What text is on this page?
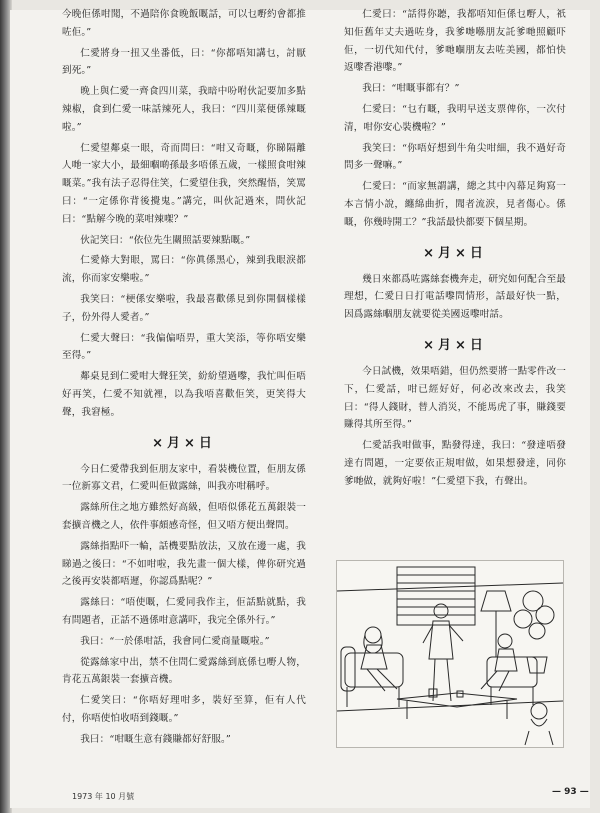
今晚佢係咁聞，不過陪你食晚飯嘅話，可以乜嘢約會都推咗佢。”

仁愛將身一扭又坐番低，曰：“你都唔知講乜，討厭到死。”

晚上與仁愛一齊食四川菜，我暗中吩咐伙記要加多點辣椒，食到仁愛一味話辣死人，我曰：“四川菜便係辣嘅啦。”

仁愛望鄰桌一眼，奇而問曰：“咁又奇嘅，你睇隔離人哋一家大小，最細嗰啲孫最多唔係五歲，一樣照食咁辣嘅菜。”我有法子忍得住笑，仁愛望住我，突然醒悟，笑罵曰：“一定係你背後攪鬼。”講完，叫伙記過來，問伙記曰：“點解今晚的菜咁辣㗎？”

伙記笑曰：“依位先生關照話要辣點嘅。”

仁愛條大對眼，罵曰：“你眞係黑心，辣到我眼淚都流，你而家安樂啦。”

我笑曰：“梗係安樂啦，我最喜歡係見到你開個樣樣子，份外得人愛者。”

仁愛大聲曰：“我偏偏唔畀，重大笑添，等你唔安樂至得。”

鄰桌見到仁愛咁大聲狂笑，紛紛望過嚟，我忙叫佢唔好再笑，仁愛不知就裡，以為我唔喜歡佢笑，更笑得大聲，我窘極。

×月×日

今日仁愛帶我到佢朋友家中，看裝機位置，佢朋友係一位新寡文君，仁愛叫佢做露絲，叫我亦咁稱呼。

露絲所住之地方雖然好高級，但唔似係花五萬銀裝一套擴音機之人，依件事頗感奇怪，但又唔方便出聲問。

露絲指點吓一輪，話機要點放法，又放在邊一處，我睇過之後曰：“不如咁啦，我先畫一個大樣，俾你研究過之後再安裝都唔遲，你認爲點呢？”

露絲曰：“唔使嘅，仁愛同我作主，佢話點就點，我有問題者，正話不過係咁意講吓，我完全係外行。”

我曰：“一於係咁話，我會同仁愛商量嘅啦。”

從露絲家中出，禁不住問仁愛露絲到底係乜嘢人物，肯花五萬銀裝一套擴音機。

仁愛笑曰：“你唔好理咁多，裝好至算，佢有人代付，你唔使怕收唔到錢嘅。”

我曰：“咁嘅生意有錢賺都好舒服。”

仁愛曰：“話得你聽，我都唔知佢係乜嘢人，祇知佢舊年丈夫過咗身，我爹哋喺朋友託爹哋照顧吓佢，一切代知代付，爹哋嗰朋友去咗美國，都怕快返嚟香港嚟。”

我曰：“咁嘅事都有？”

仁愛曰：“乜冇嘅，我明早送支票俾你，一次付清，咁你安心裝機啦？”

我笑曰：“你唔好想到牛角尖咁細，我不過好奇問多一聲嘛。”

仁愛曰：“而家無謂講，總之其中內幕足夠寫一本言情小說，纏綿曲折，聞者流淚，見者傷心。係嘅，你幾時開工？”我話最快都要下個星期。

×月×日

幾日來都爲咗露絲套機奔走，研究如何配合至最理想，仁愛日日打電話嚟問情形，話最好快一點，因爲露絲嗰朋友就要從美國返嚟咁話。

×月×日

今日試機，效果唔錯，但仍然要將一點零件改一下，仁愛話，咁已經好好，何必改來改去，我笑曰：“得人錢財，替人消災，不能馬虎了事，賺錢要賺得其所至得。”

仁愛話我咁做事，點發得達，我曰：“發達唔發達冇問題，一定要依正規咁做，如果想發達，同你爹哋做，就夠好啦！”仁愛望下我，冇聲出。

1973 年 10 月號	— 93 —
